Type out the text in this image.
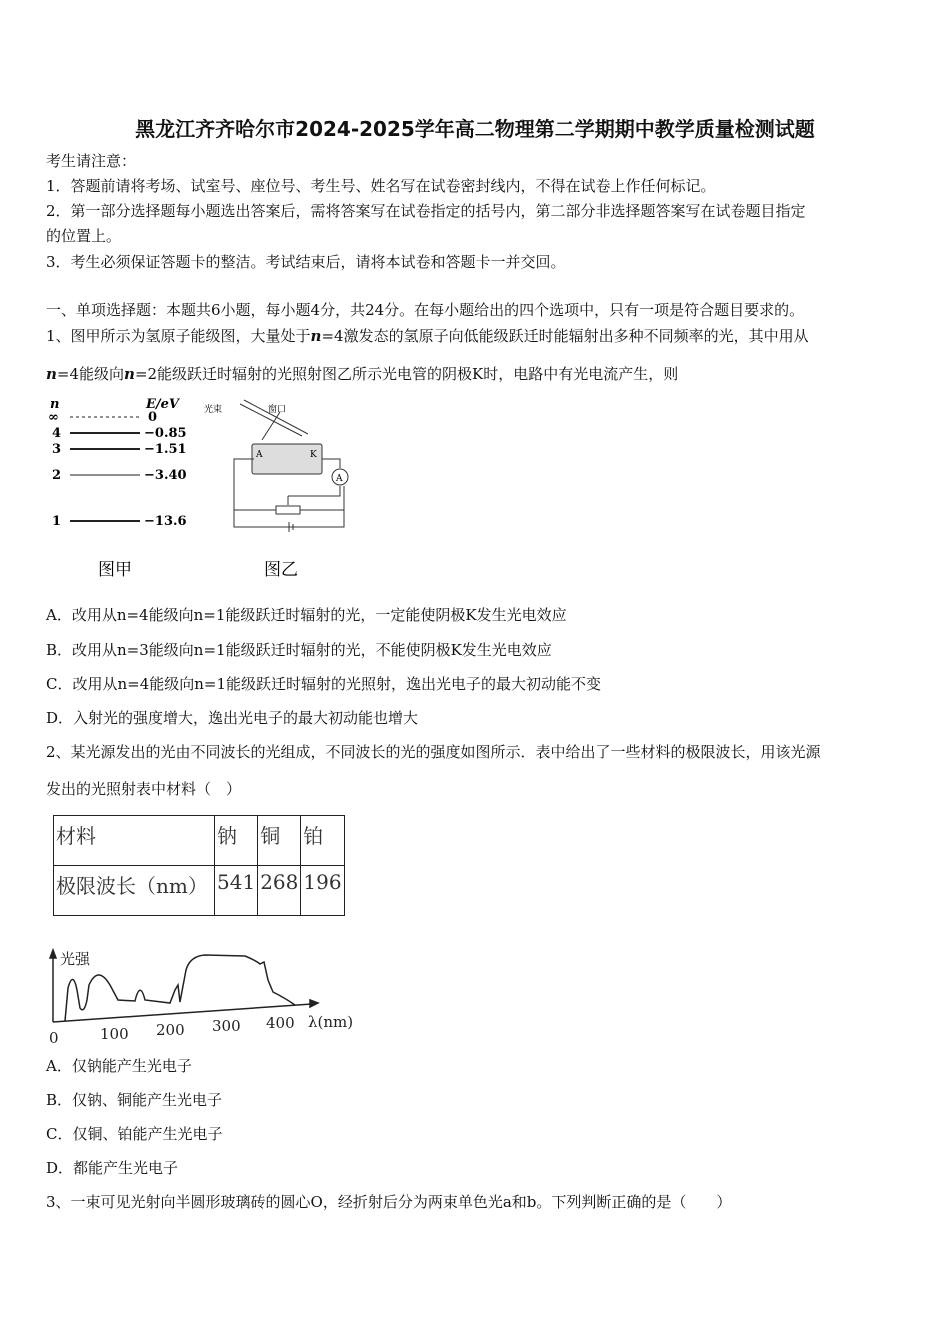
黑龙江齐齐哈尔市2024-2025学年高二物理第二学期期中教学质量检测试题
考生请注意：
1．答题前请将考场、试室号、座位号、考生号、姓名写在试卷密封线内，不得在试卷上作任何标记。
2．第一部分选择题每小题选出答案后，需将答案写在试卷指定的括号内，第二部分非选择题答案写在试卷题目指定
的位置上。
3．考生必须保证答题卡的整洁。考试结束后，请将本试卷和答题卡一并交回。
一、单项选择题：本题共6小题，每小题4分，共24分。在每小题给出的四个选项中，只有一项是符合题目要求的。
1、图甲所示为氢原子能级图，大量处于n=4激发态的氢原子向低能级跃迁时能辐射出多种不同频率的光，其中用从
n=4能级向n=2能级跃迁时辐射的光照射图乙所示光电管的阴极K时，电路中有光电流产生，则
n	E/eV
∞	0
4	−0.85
3	−1.51
2	−3.40
1	−13.6
图甲
光束	窗口
A	K
A
图乙
A．改用从n=4能级向n=1能级跃迁时辐射的光，一定能使阴极K发生光电效应
B．改用从n=3能级向n=1能级跃迁时辐射的光，不能使阴极K发生光电效应
C．改用从n=4能级向n=1能级跃迁时辐射的光照射，逸出光电子的最大初动能不变
D．入射光的强度增大，逸出光电子的最大初动能也增大
2、某光源发出的光由不同波长的光组成，不同波长的光的强度如图所示．表中给出了一些材料的极限波长，用该光源
发出的光照射表中材料（　）
材料	钠	铜	铂
极限波长（nm）	541	268	196
光强
λ(nm)
0	100 200 300 400
A．仅钠能产生光电子
B．仅钠、铜能产生光电子
C．仅铜、铂能产生光电子
D．都能产生光电子
3、一束可见光射向半圆形玻璃砖的圆心O，经折射后分为两束单色光a和b。下列判断正确的是（　　）
